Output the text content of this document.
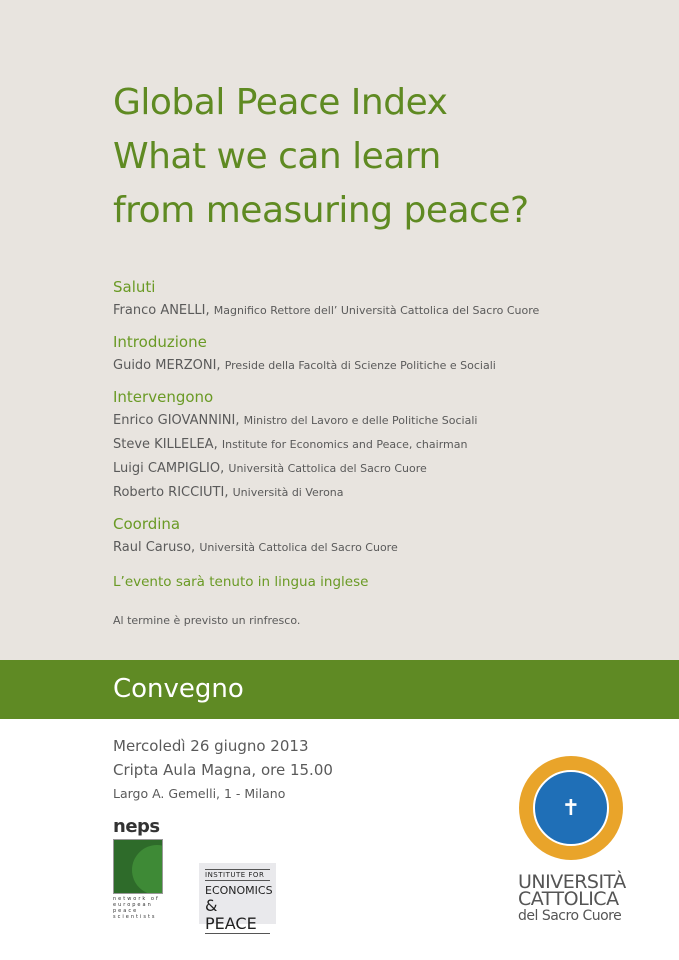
Global Peace Index
What we can learn
from measuring peace?
Saluti
Franco ANELLI, Magnifico Rettore dell’ Università Cattolica del Sacro Cuore
Introduzione
Guido MERZONI, Preside della Facoltà di Scienze Politiche e Sociali
Intervengono
Enrico GIOVANNINI, Ministro del Lavoro e delle Politiche Sociali
Steve KILLELEA, Institute for Economics and Peace, chairman
Luigi CAMPIGLIO, Università Cattolica del Sacro Cuore
Roberto RICCIUTI, Università di Verona
Coordina
Raul Caruso, Università Cattolica del Sacro Cuore
L’evento sarà tenuto in lingua inglese
Al termine è previsto un rinfresco.
Convegno
Mercoledì 26 giugno 2013
Cripta Aula Magna, ore 15.00
Largo A. Gemelli, 1 - Milano
neps
network of european peace scientists
INSTITUTE FOR
ECONOMICS
& PEACE
✝
UNIVERSITÀ
CATTOLICA
del Sacro Cuore
